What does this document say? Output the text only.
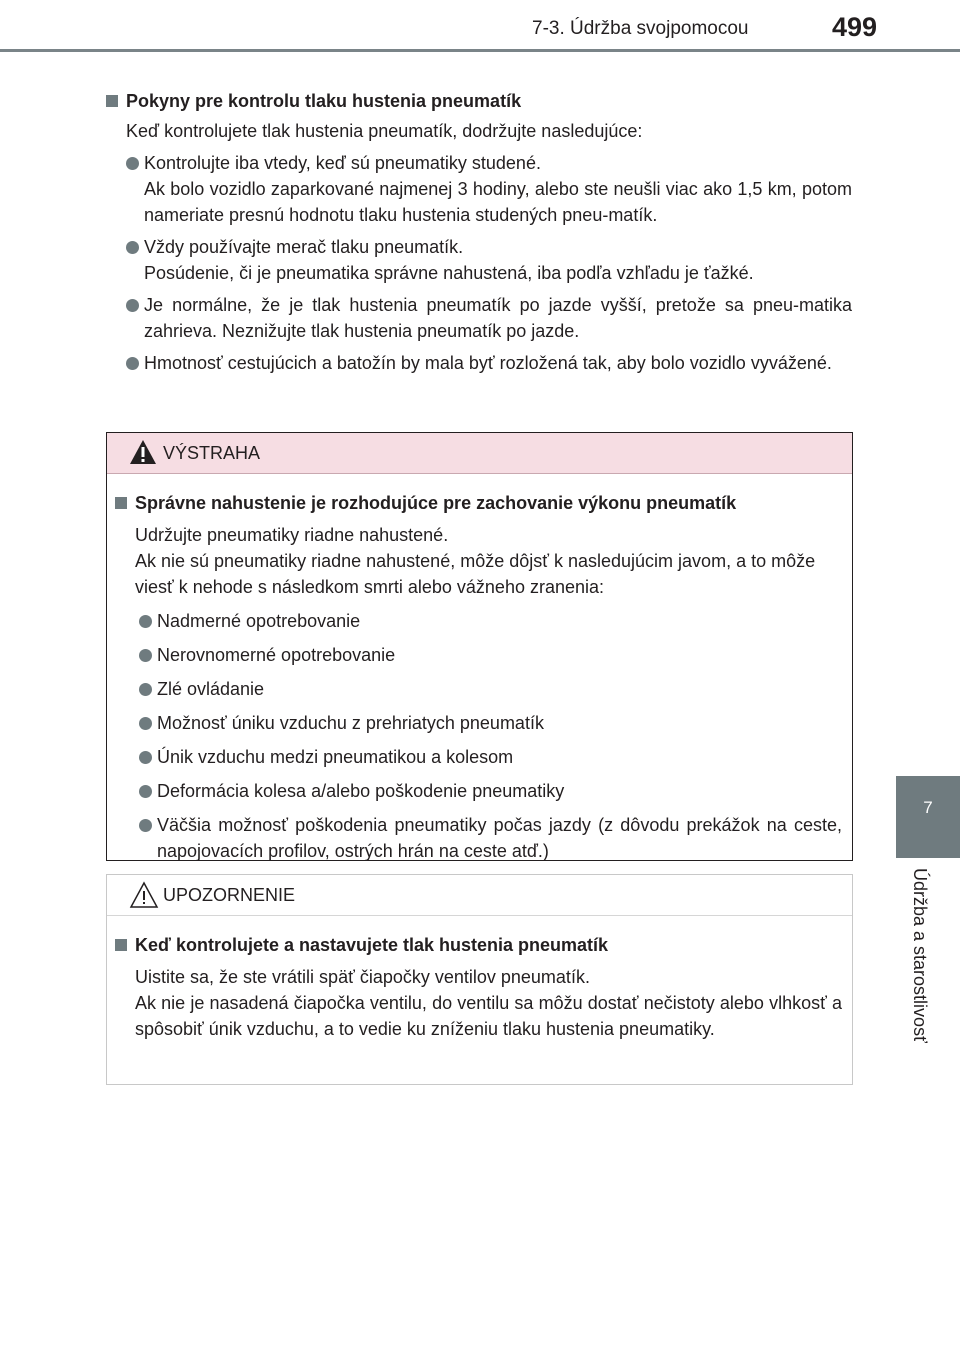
7-3. Údržba svojpomocou	499
7
Údržba a starostlivosť
Pokyny pre kontrolu tlaku hustenia pneumatík
Keď kontrolujete tlak hustenia pneumatík, dodržujte nasledujúce:
Kontrolujte iba vtedy, keď sú pneumatiky studené.
Ak bolo vozidlo zaparkované najmenej 3 hodiny, alebo ste neušli viac ako 1,5 km, potom nameriate presnú hodnotu tlaku hustenia studených pneu-matík.
Vždy používajte merač tlaku pneumatík.
Posúdenie, či je pneumatika správne nahustená, iba podľa vzhľadu je ťažké.
Je normálne, že je tlak hustenia pneumatík po jazde vyšší, pretože sa pneu-matika zahrieva. Neznižujte tlak hustenia pneumatík po jazde.
Hmotnosť cestujúcich a batožín by mala byť rozložená tak, aby bolo vozidlo vyvážené.
VÝSTRAHA
Správne nahustenie je rozhodujúce pre zachovanie výkonu pneumatík
Udržujte pneumatiky riadne nahustené.
Ak nie sú pneumatiky riadne nahustené, môže dôjsť k nasledujúcim javom, a to môže viesť k nehode s následkom smrti alebo vážneho zranenia:
Nadmerné opotrebovanie
Nerovnomerné opotrebovanie
Zlé ovládanie
Možnosť úniku vzduchu z prehriatych pneumatík
Únik vzduchu medzi pneumatikou a kolesom
Deformácia kolesa a/alebo poškodenie pneumatiky
Väčšia možnosť poškodenia pneumatiky počas jazdy (z dôvodu prekážok na ceste, napojovacích profilov, ostrých hrán na ceste atď.)
UPOZORNENIE
Keď kontrolujete a nastavujete tlak hustenia pneumatík
Uistite sa, že ste vrátili späť čiapočky ventilov pneumatík.
Ak nie je nasadená čiapočka ventilu, do ventilu sa môžu dostať nečistoty alebo vlhkosť a spôsobiť únik vzduchu, a to vedie ku zníženiu tlaku hustenia pneumatiky.
